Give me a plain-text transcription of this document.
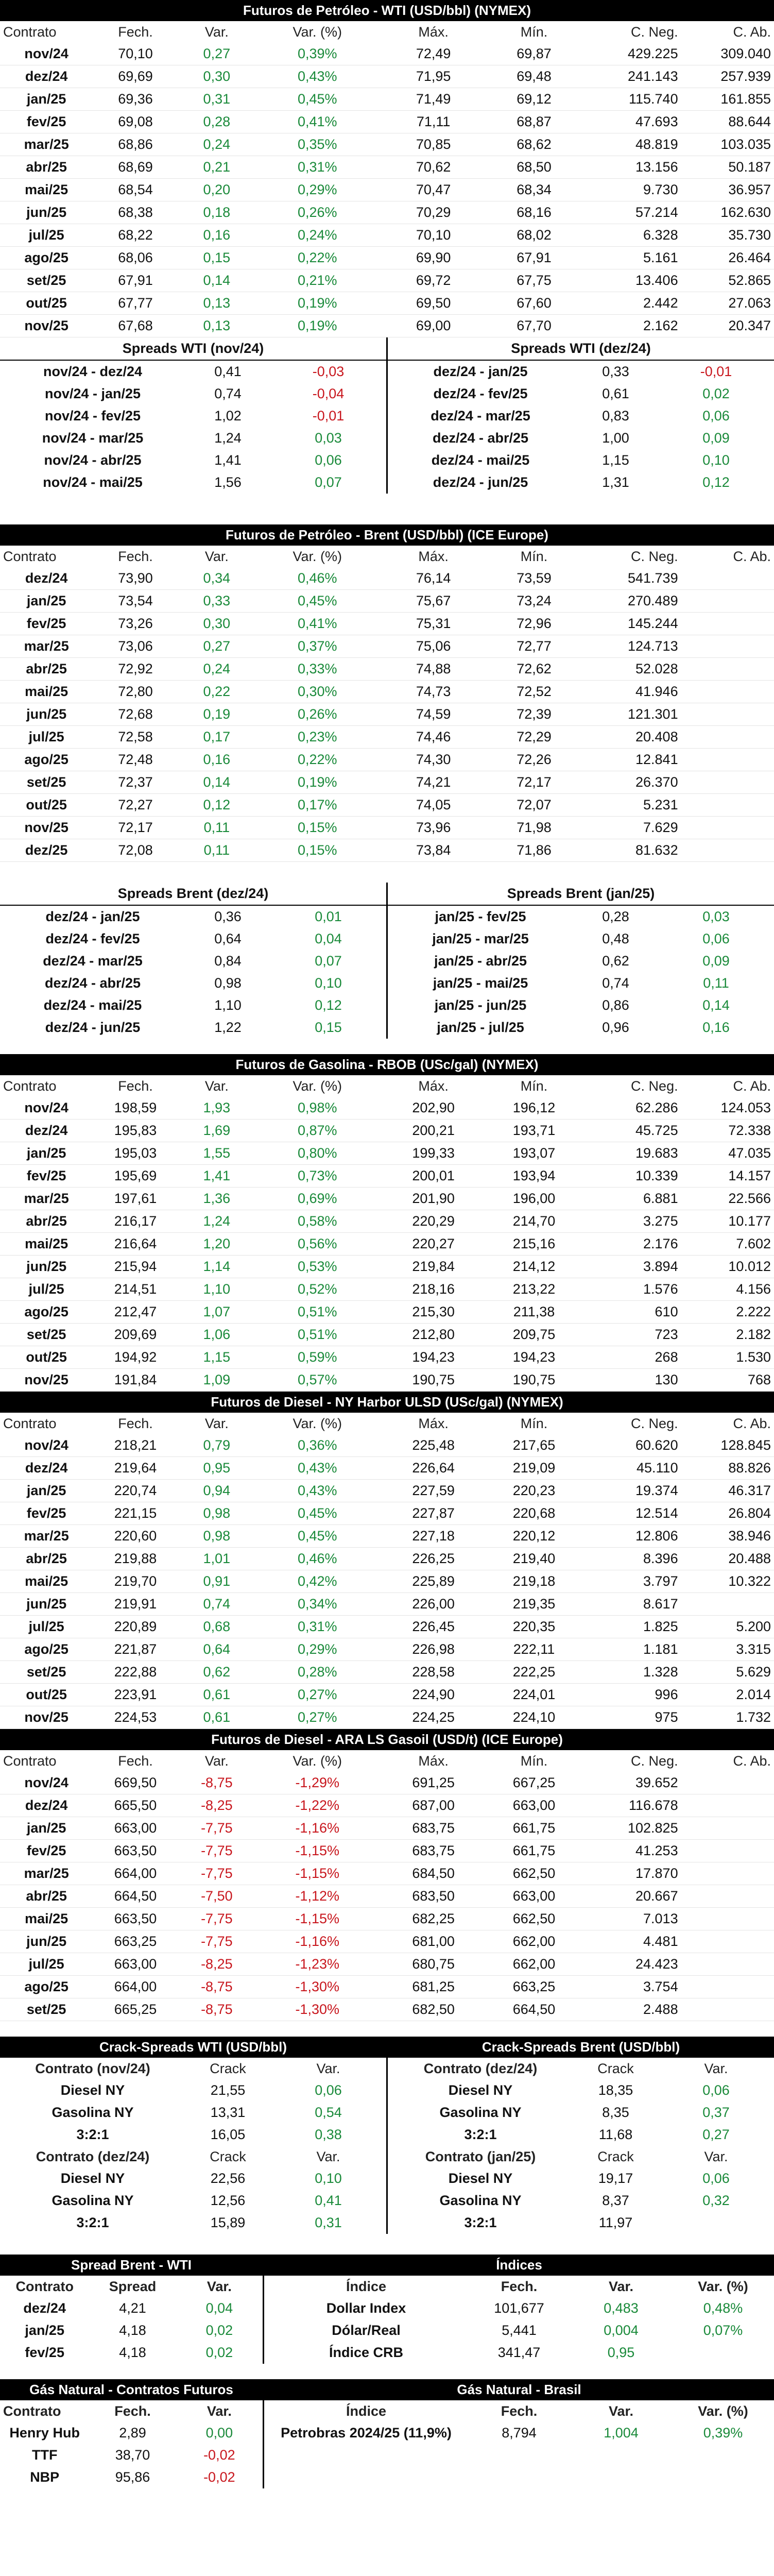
Futuros de Petróleo - WTI (USD/bbl) (NYMEX)
Contrato	Fech.	Var.	Var. (%)	Máx.	Mín.	C. Neg.	C. Ab.
nov/24	70,10	0,27	0,39%	72,49	69,87	429.225	309.040
dez/24	69,69	0,30	0,43%	71,95	69,48	241.143	257.939
jan/25	69,36	0,31	0,45%	71,49	69,12	115.740	161.855
fev/25	69,08	0,28	0,41%	71,11	68,87	47.693	88.644
mar/25	68,86	0,24	0,35%	70,85	68,62	48.819	103.035
abr/25	68,69	0,21	0,31%	70,62	68,50	13.156	50.187
mai/25	68,54	0,20	0,29%	70,47	68,34	9.730	36.957
jun/25	68,38	0,18	0,26%	70,29	68,16	57.214	162.630
jul/25	68,22	0,16	0,24%	70,10	68,02	6.328	35.730
ago/25	68,06	0,15	0,22%	69,90	67,91	5.161	26.464
set/25	67,91	0,14	0,21%	69,72	67,75	13.406	52.865
out/25	67,77	0,13	0,19%	69,50	67,60	2.442	27.063
nov/25	67,68	0,13	0,19%	69,00	67,70	2.162	20.347
Spreads WTI (nov/24)
nov/24 - dez/24	0,41	-0,03
nov/24 - jan/25	0,74	-0,04
nov/24 - fev/25	1,02	-0,01
nov/24 - mar/25	1,24	0,03
nov/24 - abr/25	1,41	0,06
nov/24 - mai/25	1,56	0,07
Spreads WTI (dez/24)
dez/24 - jan/25	0,33	-0,01
dez/24 - fev/25	0,61	0,02
dez/24 - mar/25	0,83	0,06
dez/24 - abr/25	1,00	0,09
dez/24 - mai/25	1,15	0,10
dez/24 - jun/25	1,31	0,12
Futuros de Petróleo - Brent (USD/bbl) (ICE Europe)
Contrato	Fech.	Var.	Var. (%)	Máx.	Mín.	C. Neg.	C. Ab.
dez/24	73,90	0,34	0,46%	76,14	73,59	541.739	
jan/25	73,54	0,33	0,45%	75,67	73,24	270.489	
fev/25	73,26	0,30	0,41%	75,31	72,96	145.244	
mar/25	73,06	0,27	0,37%	75,06	72,77	124.713	
abr/25	72,92	0,24	0,33%	74,88	72,62	52.028	
mai/25	72,80	0,22	0,30%	74,73	72,52	41.946	
jun/25	72,68	0,19	0,26%	74,59	72,39	121.301	
jul/25	72,58	0,17	0,23%	74,46	72,29	20.408	
ago/25	72,48	0,16	0,22%	74,30	72,26	12.841	
set/25	72,37	0,14	0,19%	74,21	72,17	26.370	
out/25	72,27	0,12	0,17%	74,05	72,07	5.231	
nov/25	72,17	0,11	0,15%	73,96	71,98	7.629	
dez/25	72,08	0,11	0,15%	73,84	71,86	81.632	
Spreads Brent (dez/24)
dez/24 - jan/25	0,36	0,01
dez/24 - fev/25	0,64	0,04
dez/24 - mar/25	0,84	0,07
dez/24 - abr/25	0,98	0,10
dez/24 - mai/25	1,10	0,12
dez/24 - jun/25	1,22	0,15
Spreads Brent (jan/25)
jan/25 - fev/25	0,28	0,03
jan/25 - mar/25	0,48	0,06
jan/25 - abr/25	0,62	0,09
jan/25 - mai/25	0,74	0,11
jan/25 - jun/25	0,86	0,14
jan/25 - jul/25	0,96	0,16
Futuros de Gasolina - RBOB (USc/gal) (NYMEX)
Contrato	Fech.	Var.	Var. (%)	Máx.	Mín.	C. Neg.	C. Ab.
nov/24	198,59	1,93	0,98%	202,90	196,12	62.286	124.053
dez/24	195,83	1,69	0,87%	200,21	193,71	45.725	72.338
jan/25	195,03	1,55	0,80%	199,33	193,07	19.683	47.035
fev/25	195,69	1,41	0,73%	200,01	193,94	10.339	14.157
mar/25	197,61	1,36	0,69%	201,90	196,00	6.881	22.566
abr/25	216,17	1,24	0,58%	220,29	214,70	3.275	10.177
mai/25	216,64	1,20	0,56%	220,27	215,16	2.176	7.602
jun/25	215,94	1,14	0,53%	219,84	214,12	3.894	10.012
jul/25	214,51	1,10	0,52%	218,16	213,22	1.576	4.156
ago/25	212,47	1,07	0,51%	215,30	211,38	610	2.222
set/25	209,69	1,06	0,51%	212,80	209,75	723	2.182
out/25	194,92	1,15	0,59%	194,23	194,23	268	1.530
nov/25	191,84	1,09	0,57%	190,75	190,75	130	768
Futuros de Diesel - NY Harbor ULSD (USc/gal) (NYMEX)
Contrato	Fech.	Var.	Var. (%)	Máx.	Mín.	C. Neg.	C. Ab.
nov/24	218,21	0,79	0,36%	225,48	217,65	60.620	128.845
dez/24	219,64	0,95	0,43%	226,64	219,09	45.110	88.826
jan/25	220,74	0,94	0,43%	227,59	220,23	19.374	46.317
fev/25	221,15	0,98	0,45%	227,87	220,68	12.514	26.804
mar/25	220,60	0,98	0,45%	227,18	220,12	12.806	38.946
abr/25	219,88	1,01	0,46%	226,25	219,40	8.396	20.488
mai/25	219,70	0,91	0,42%	225,89	219,18	3.797	10.322
jun/25	219,91	0,74	0,34%	226,00	219,35	8.617	
jul/25	220,89	0,68	0,31%	226,45	220,35	1.825	5.200
ago/25	221,87	0,64	0,29%	226,98	222,11	1.181	3.315
set/25	222,88	0,62	0,28%	228,58	222,25	1.328	5.629
out/25	223,91	0,61	0,27%	224,90	224,01	996	2.014
nov/25	224,53	0,61	0,27%	224,25	224,10	975	1.732
Futuros de Diesel - ARA LS Gasoil (USD/t) (ICE Europe)
Contrato	Fech.	Var.	Var. (%)	Máx.	Mín.	C. Neg.	C. Ab.
nov/24	669,50	-8,75	-1,29%	691,25	667,25	39.652	
dez/24	665,50	-8,25	-1,22%	687,00	663,00	116.678	
jan/25	663,00	-7,75	-1,16%	683,75	661,75	102.825	
fev/25	663,50	-7,75	-1,15%	683,75	661,75	41.253	
mar/25	664,00	-7,75	-1,15%	684,50	662,50	17.870	
abr/25	664,50	-7,50	-1,12%	683,50	663,00	20.667	
mai/25	663,50	-7,75	-1,15%	682,25	662,50	7.013	
jun/25	663,25	-7,75	-1,16%	681,00	662,00	4.481	
jul/25	663,00	-8,25	-1,23%	680,75	662,00	24.423	
ago/25	664,00	-8,75	-1,30%	681,25	663,25	3.754	
set/25	665,25	-8,75	-1,30%	682,50	664,50	2.488	
Crack-Spreads WTI (USD/bbl)
Contrato (nov/24)	Crack	Var.
Diesel NY	21,55	0,06
Gasolina NY	13,31	0,54
3:2:1	16,05	0,38
Contrato (dez/24)	Crack	Var.
Diesel NY	22,56	0,10
Gasolina NY	12,56	0,41
3:2:1	15,89	0,31
Crack-Spreads Brent (USD/bbl)
Contrato (dez/24)	Crack	Var.
Diesel NY	18,35	0,06
Gasolina NY	8,35	0,37
3:2:1	11,68	0,27
Contrato (jan/25)	Crack	Var.
Diesel NY	19,17	0,06
Gasolina NY	8,37	0,32
3:2:1	11,97	
Spread Brent - WTI
Contrato	Spread	Var.
dez/24	4,21	0,04
jan/25	4,18	0,02
fev/25	4,18	0,02
Índices
Índice	Fech.	Var.	Var. (%)
Dollar Index	101,677	0,483	0,48%
Dólar/Real	5,441	0,004	0,07%
Índice CRB	341,47	0,95	
Gás Natural - Contratos Futuros
Contrato	Fech.	Var.
Henry Hub	2,89	0,00
TTF	38,70	-0,02
NBP	95,86	-0,02
Gás Natural - Brasil
Índice	Fech.	Var.	Var. (%)
Petrobras 2024/25 (11,9%)	8,794	1,004	0,39%
